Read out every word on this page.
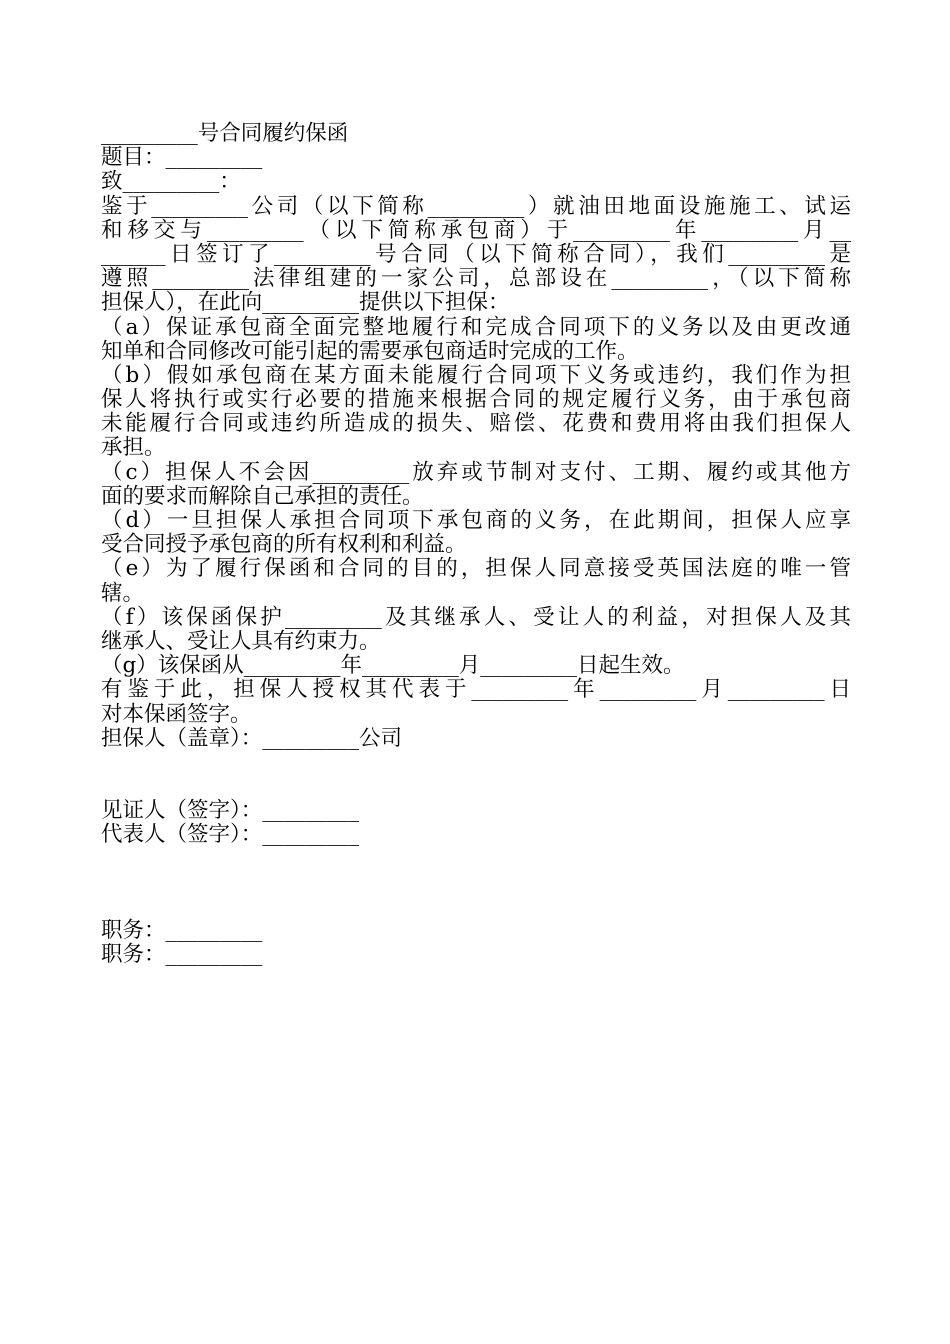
_________号合同履约保函
题目：_________
致_________：
鉴于_________公司（以下简称_________）就油田地面设施施工、试运
和移交与_________（以下简称承包商）于_________年_________月__
______日签订了_________号合同（以下简称合同），我们_________是
遵照_________法律组建的一家公司，总部设在_________，（以下简称
担保人），在此向_________提供以下担保：
（a）保证承包商全面完整地履行和完成合同项下的义务以及由更改通
知单和合同修改可能引起的需要承包商适时完成的工作。
（b）假如承包商在某方面未能履行合同项下义务或违约，我们作为担
保人将执行或实行必要的措施来根据合同的规定履行义务，由于承包商
未能履行合同或违约所造成的损失、赔偿、花费和费用将由我们担保人
承担。
（c）担保人不会因_________放弃或节制对支付、工期、履约或其他方
面的要求而解除自己承担的责任。
（d）一旦担保人承担合同项下承包商的义务，在此期间，担保人应享
受合同授予承包商的所有权利和利益。
（e）为了履行保函和合同的目的，担保人同意接受英国法庭的唯一管
辖。
（f）该保函保护_________及其继承人、受让人的利益，对担保人及其
继承人、受让人具有约束力。
（g）该保函从_________年_________月_________日起生效。
有鉴于此，担保人授权其代表于_________年_________月_________日
对本保函签字。
担保人（盖章）：_________公司
见证人（签字）：_________
代表人（签字）：_________
职务：_________
职务：_________
